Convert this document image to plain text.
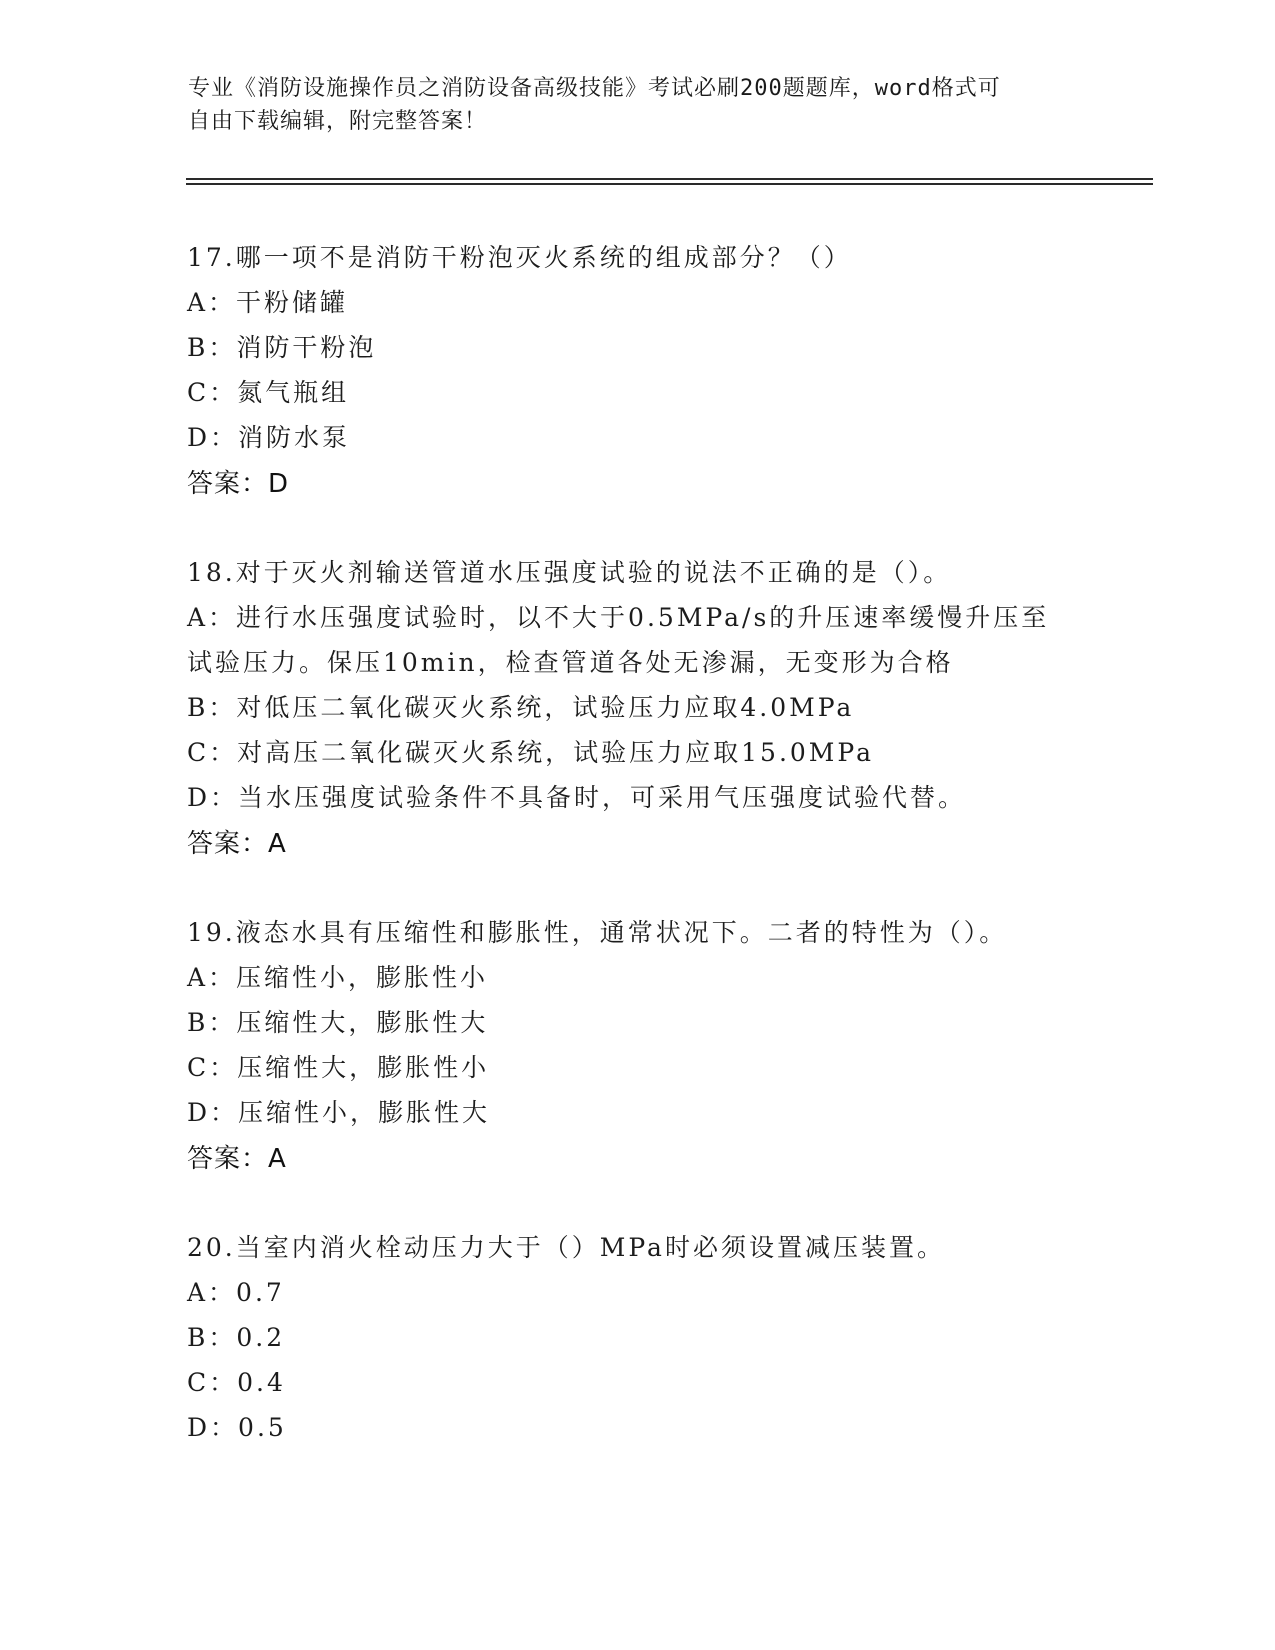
专业《消防设施操作员之消防设备高级技能》考试必刷200题题库，word格式可
自由下载编辑，附完整答案！
17.哪一项不是消防干粉泡灭火系统的组成部分？（）
A：干粉储罐
B：消防干粉泡
C：氮气瓶组
D：消防水泵
答案：D
18.对于灭火剂输送管道水压强度试验的说法不正确的是（）。
A：进行水压强度试验时，以不大于0.5MPa/s的升压速率缓慢升压至
试验压力。保压10min，检查管道各处无渗漏，无变形为合格
B：对低压二氧化碳灭火系统，试验压力应取4.0MPa
C：对高压二氧化碳灭火系统，试验压力应取15.0MPa
D：当水压强度试验条件不具备时，可采用气压强度试验代替。
答案：A
19.液态水具有压缩性和膨胀性，通常状况下。二者的特性为（）。
A：压缩性小，膨胀性小
B：压缩性大，膨胀性大
C：压缩性大，膨胀性小
D：压缩性小，膨胀性大
答案：A
20.当室内消火栓动压力大于（）MPa时必须设置减压装置。
A：0.7
B：0.2
C：0.4
D：0.5
